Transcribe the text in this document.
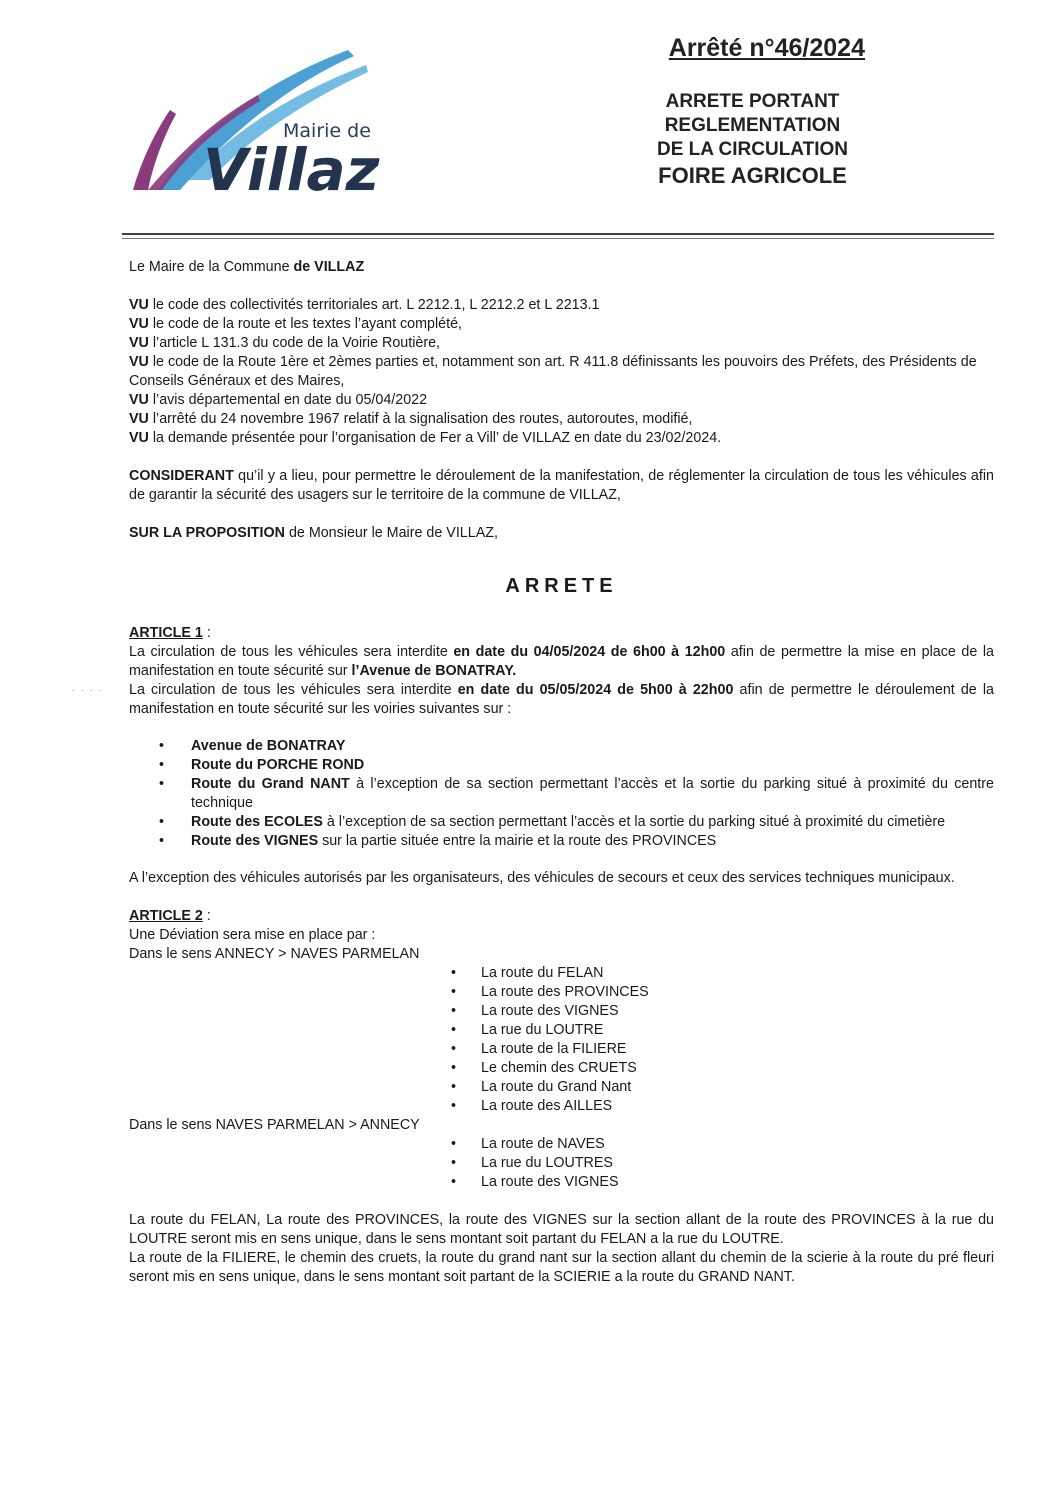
Mairie de
Villaz
Arrêté n°46/2024
ARRETE PORTANT
REGLEMENTATION
DE LA CIRCULATION
FOIRE AGRICOLE
. . . .

Le Maire de la Commune de VILLAZ

VU le code des collectivités territoriales art. L 2212.1, L 2212.2 et L 2213.1

VU le code de la route et les textes l’ayant complété,

VU l’article L 131.3 du code de la Voirie Routière,

VU le code de la Route 1ère et 2èmes parties et, notamment son art. R 411.8 définissants les pouvoirs des Préfets, des Présidents de Conseils Généraux et des Maires,

VU l’avis départemental en date du 05/04/2022

VU l’arrêté du 24 novembre 1967 relatif à la signalisation des routes, autoroutes, modifié,

VU la demande présentée pour l’organisation de Fer a Vill’ de VILLAZ en date du 23/02/2024.

CONSIDERANT qu’il y a lieu, pour permettre le déroulement de la manifestation, de réglementer la circulation de tous les véhicules afin de garantir la sécurité des usagers sur le territoire de la commune de VILLAZ,

SUR LA PROPOSITION de Monsieur le Maire de VILLAZ,

ARRETE

ARTICLE 1 :

La circulation de tous les véhicules sera interdite en date du 04/05/2024 de 6h00 à 12h00 afin de permettre la mise en place de la manifestation en toute sécurité sur l’Avenue de BONATRAY.

La circulation de tous les véhicules sera interdite en date du 05/05/2024 de 5h00 à 22h00 afin de permettre le déroulement de la manifestation en toute sécurité sur les voiries suivantes sur :

• Avenue de BONATRAY
• Route du PORCHE ROND
• Route du Grand NANT à l’exception de sa section permettant l’accès et la sortie du parking situé à proximité du centre technique
• Route des ECOLES à l’exception de sa section permettant l’accès et la sortie du parking situé à proximité du cimetière
• Route des VIGNES sur la partie située entre la mairie et la route des PROVINCES

A l’exception des véhicules autorisés par les organisateurs, des véhicules de secours et ceux des services techniques municipaux.

ARTICLE 2 :

Une Déviation sera mise en place par :

Dans le sens ANNECY > NAVES PARMELAN

• La route du FELAN
• La route des PROVINCES
• La route des VIGNES
• La rue du LOUTRE
• La route de la FILIERE
• Le chemin des CRUETS
• La route du Grand Nant
• La route des AILLES

Dans le sens NAVES PARMELAN > ANNECY

• La route de NAVES
• La rue du LOUTRES
• La route des VIGNES

La route du FELAN, La route des PROVINCES, la route des VIGNES sur la section allant de la route des PROVINCES à la rue du LOUTRE seront mis en sens unique, dans le sens montant soit partant du FELAN a la rue du LOUTRE.

La route de la FILIERE, le chemin des cruets, la route du grand nant sur la section allant du chemin de la scierie à la route du pré fleuri seront mis en sens unique, dans le sens montant soit partant de la SCIERIE a la route du GRAND NANT.
